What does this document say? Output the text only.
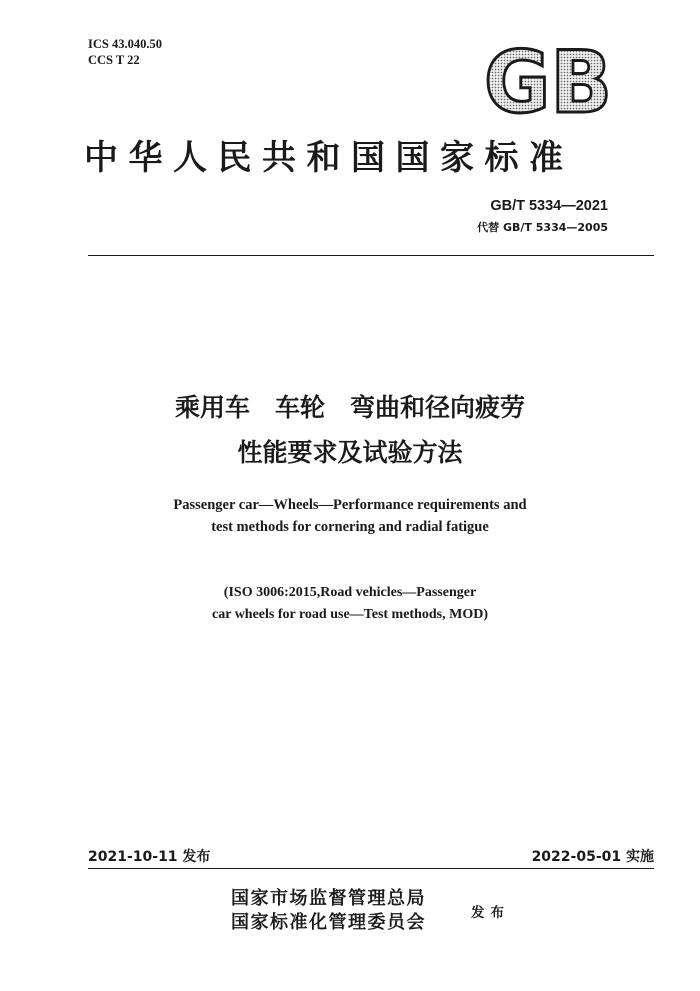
ICS 43.040.50
CCS T 22	GB
中华人民共和国国家标准
GB/T 5334—2021
代替 GB/T 5334—2005
乘用车　车轮　弯曲和径向疲劳
性能要求及试验方法
Passenger car—Wheels—Performance requirements and
test methods for cornering and radial fatigue
(ISO 3006:2015,Road vehicles—Passenger
car wheels for road use—Test methods, MOD)
2021-10-11 发布	2022-05-01 实施
国家市场监督管理总局
国家标准化管理委员会	发布
